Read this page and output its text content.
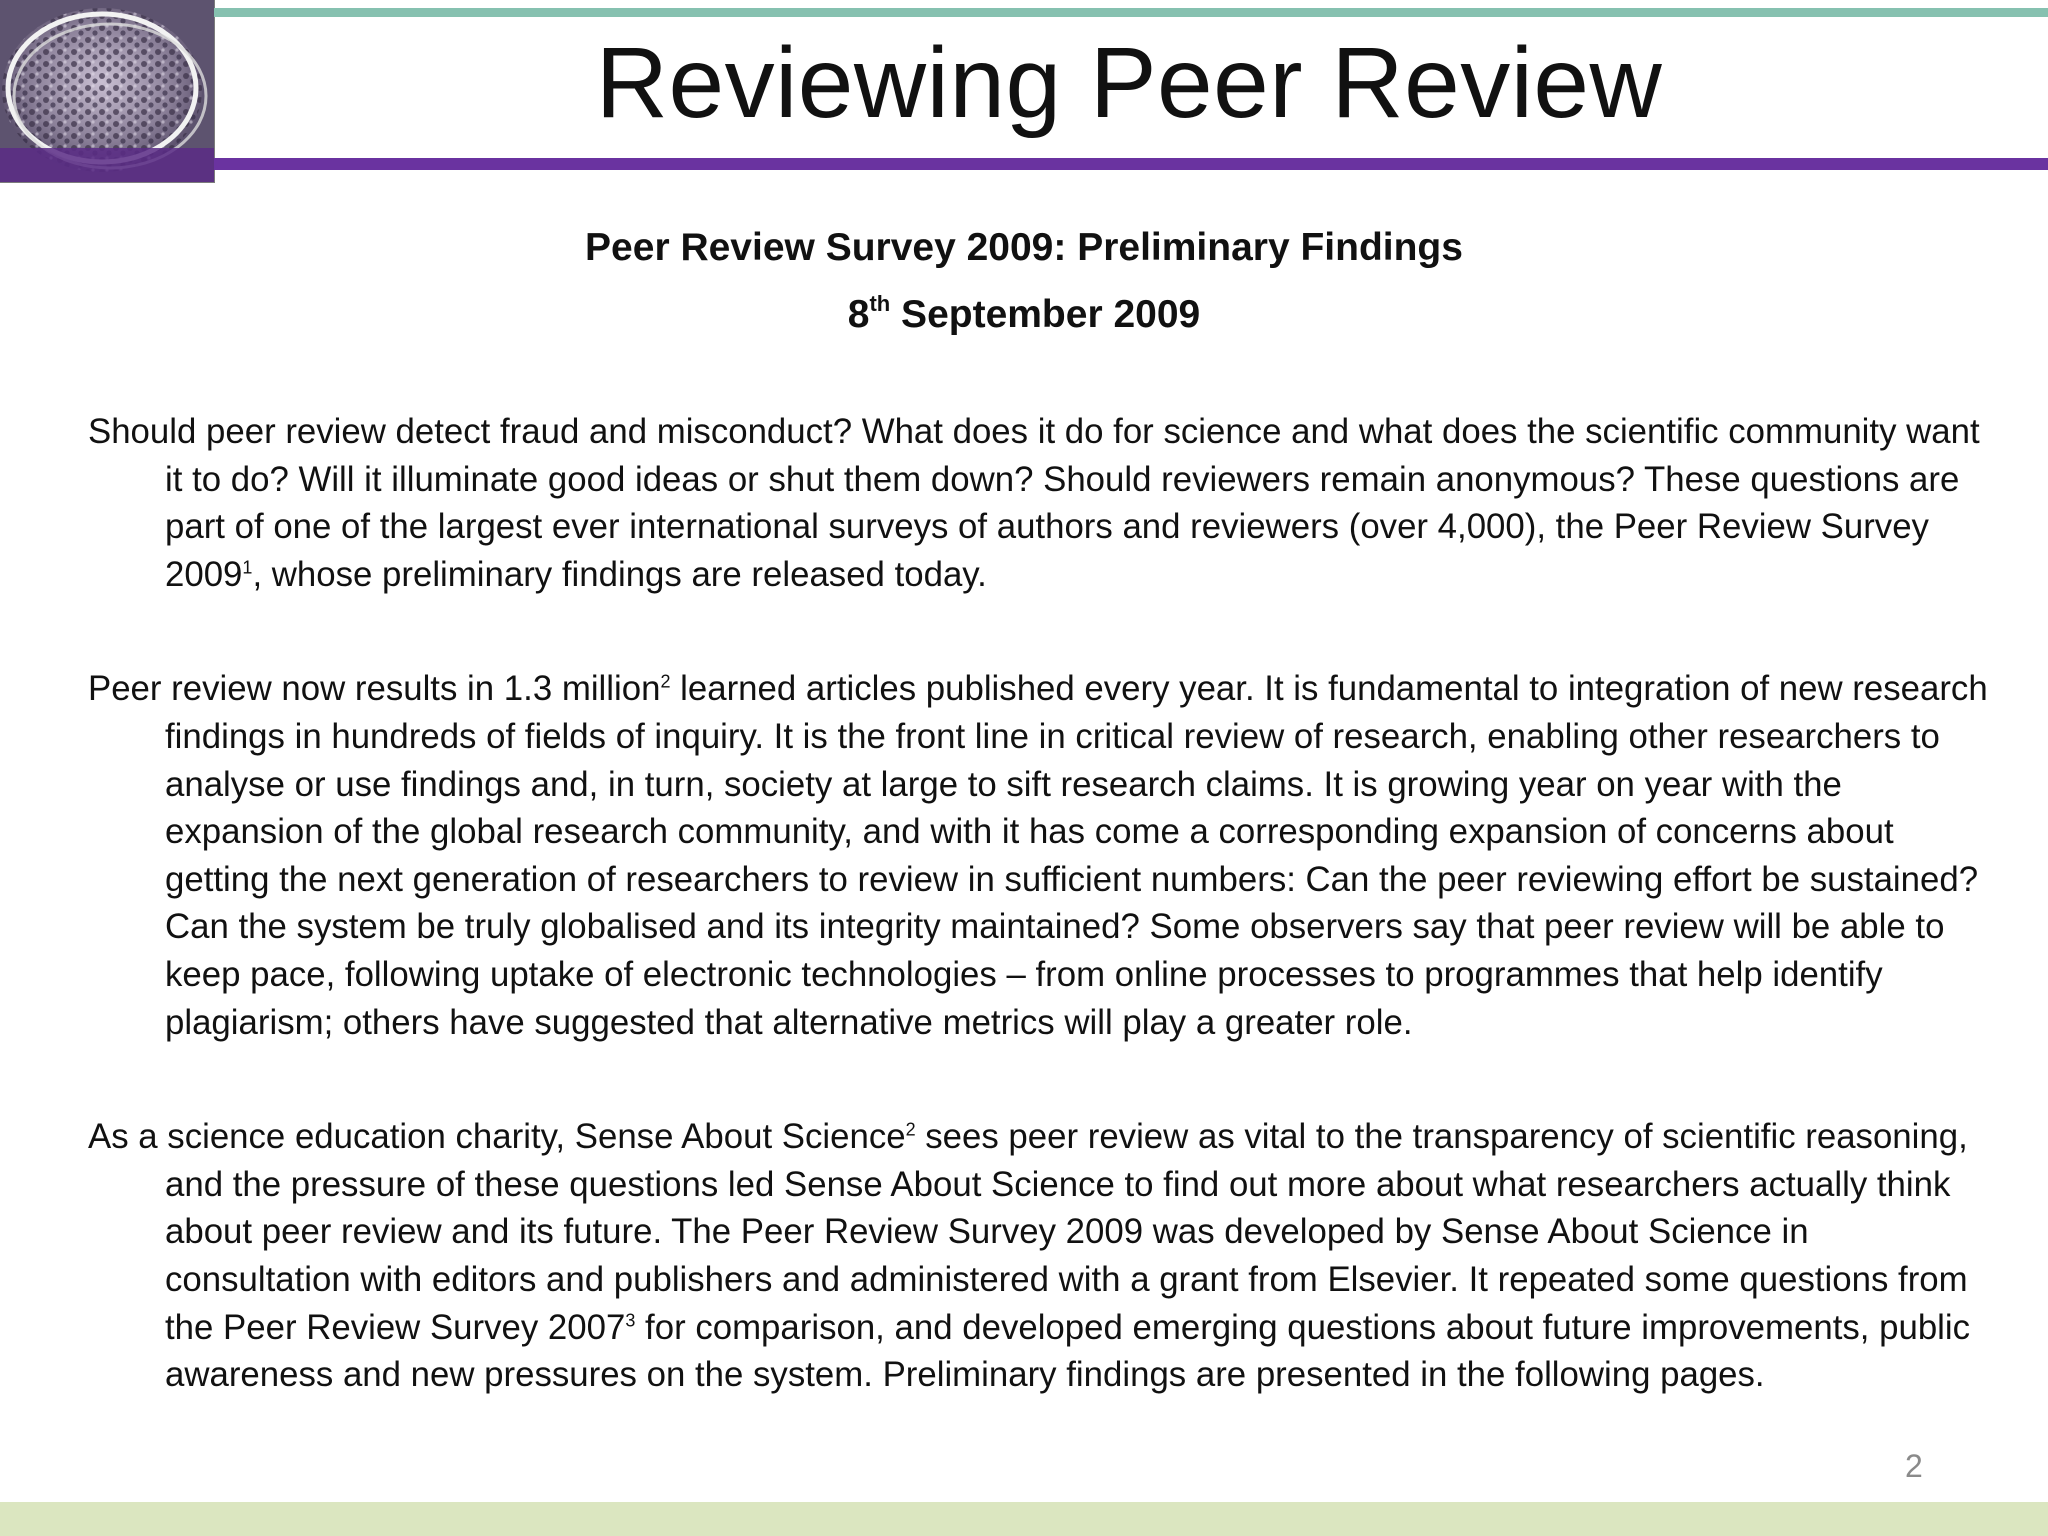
Reviewing Peer Review
Peer Review Survey 2009: Preliminary Findings
8th September 2009

Should peer review detect fraud and misconduct? What does it do for science and what does the scientific community want it to do? Will it illuminate good ideas or shut them down? Should reviewers remain anonymous? These questions are part of one of the largest ever international surveys of authors and reviewers (over 4,000), the Peer Review Survey 2009$^1$, whose preliminary findings are released today.

Peer review now results in 1.3 million$^2$ learned articles published every year. It is fundamental to integration of new research findings in hundreds of fields of inquiry. It is the front line in critical review of research, enabling other researchers to analyse or use findings and, in turn, society at large to sift research claims. It is growing year on year with the expansion of the global research community, and with it has come a corresponding expansion of concerns about getting the next generation of researchers to review in sufficient numbers: Can the peer reviewing effort be sustained? Can the system be truly globalised and its integrity maintained? Some observers say that peer review will be able to keep pace, following uptake of electronic technologies – from online processes to programmes that help identify plagiarism; others have suggested that alternative metrics will play a greater role.

As a science education charity, Sense About Science$^2$ sees peer review as vital to the transparency of scientific reasoning, and the pressure of these questions led Sense About Science to find out more about what researchers actually think about peer review and its future. The Peer Review Survey 2009 was developed by Sense About Science in consultation with editors and publishers and administered with a grant from Elsevier. It repeated some questions from the Peer Review Survey 2007$^3$ for comparison, and developed emerging questions about future improvements, public awareness and new pressures on the system. Preliminary findings are presented in the following pages.

2
